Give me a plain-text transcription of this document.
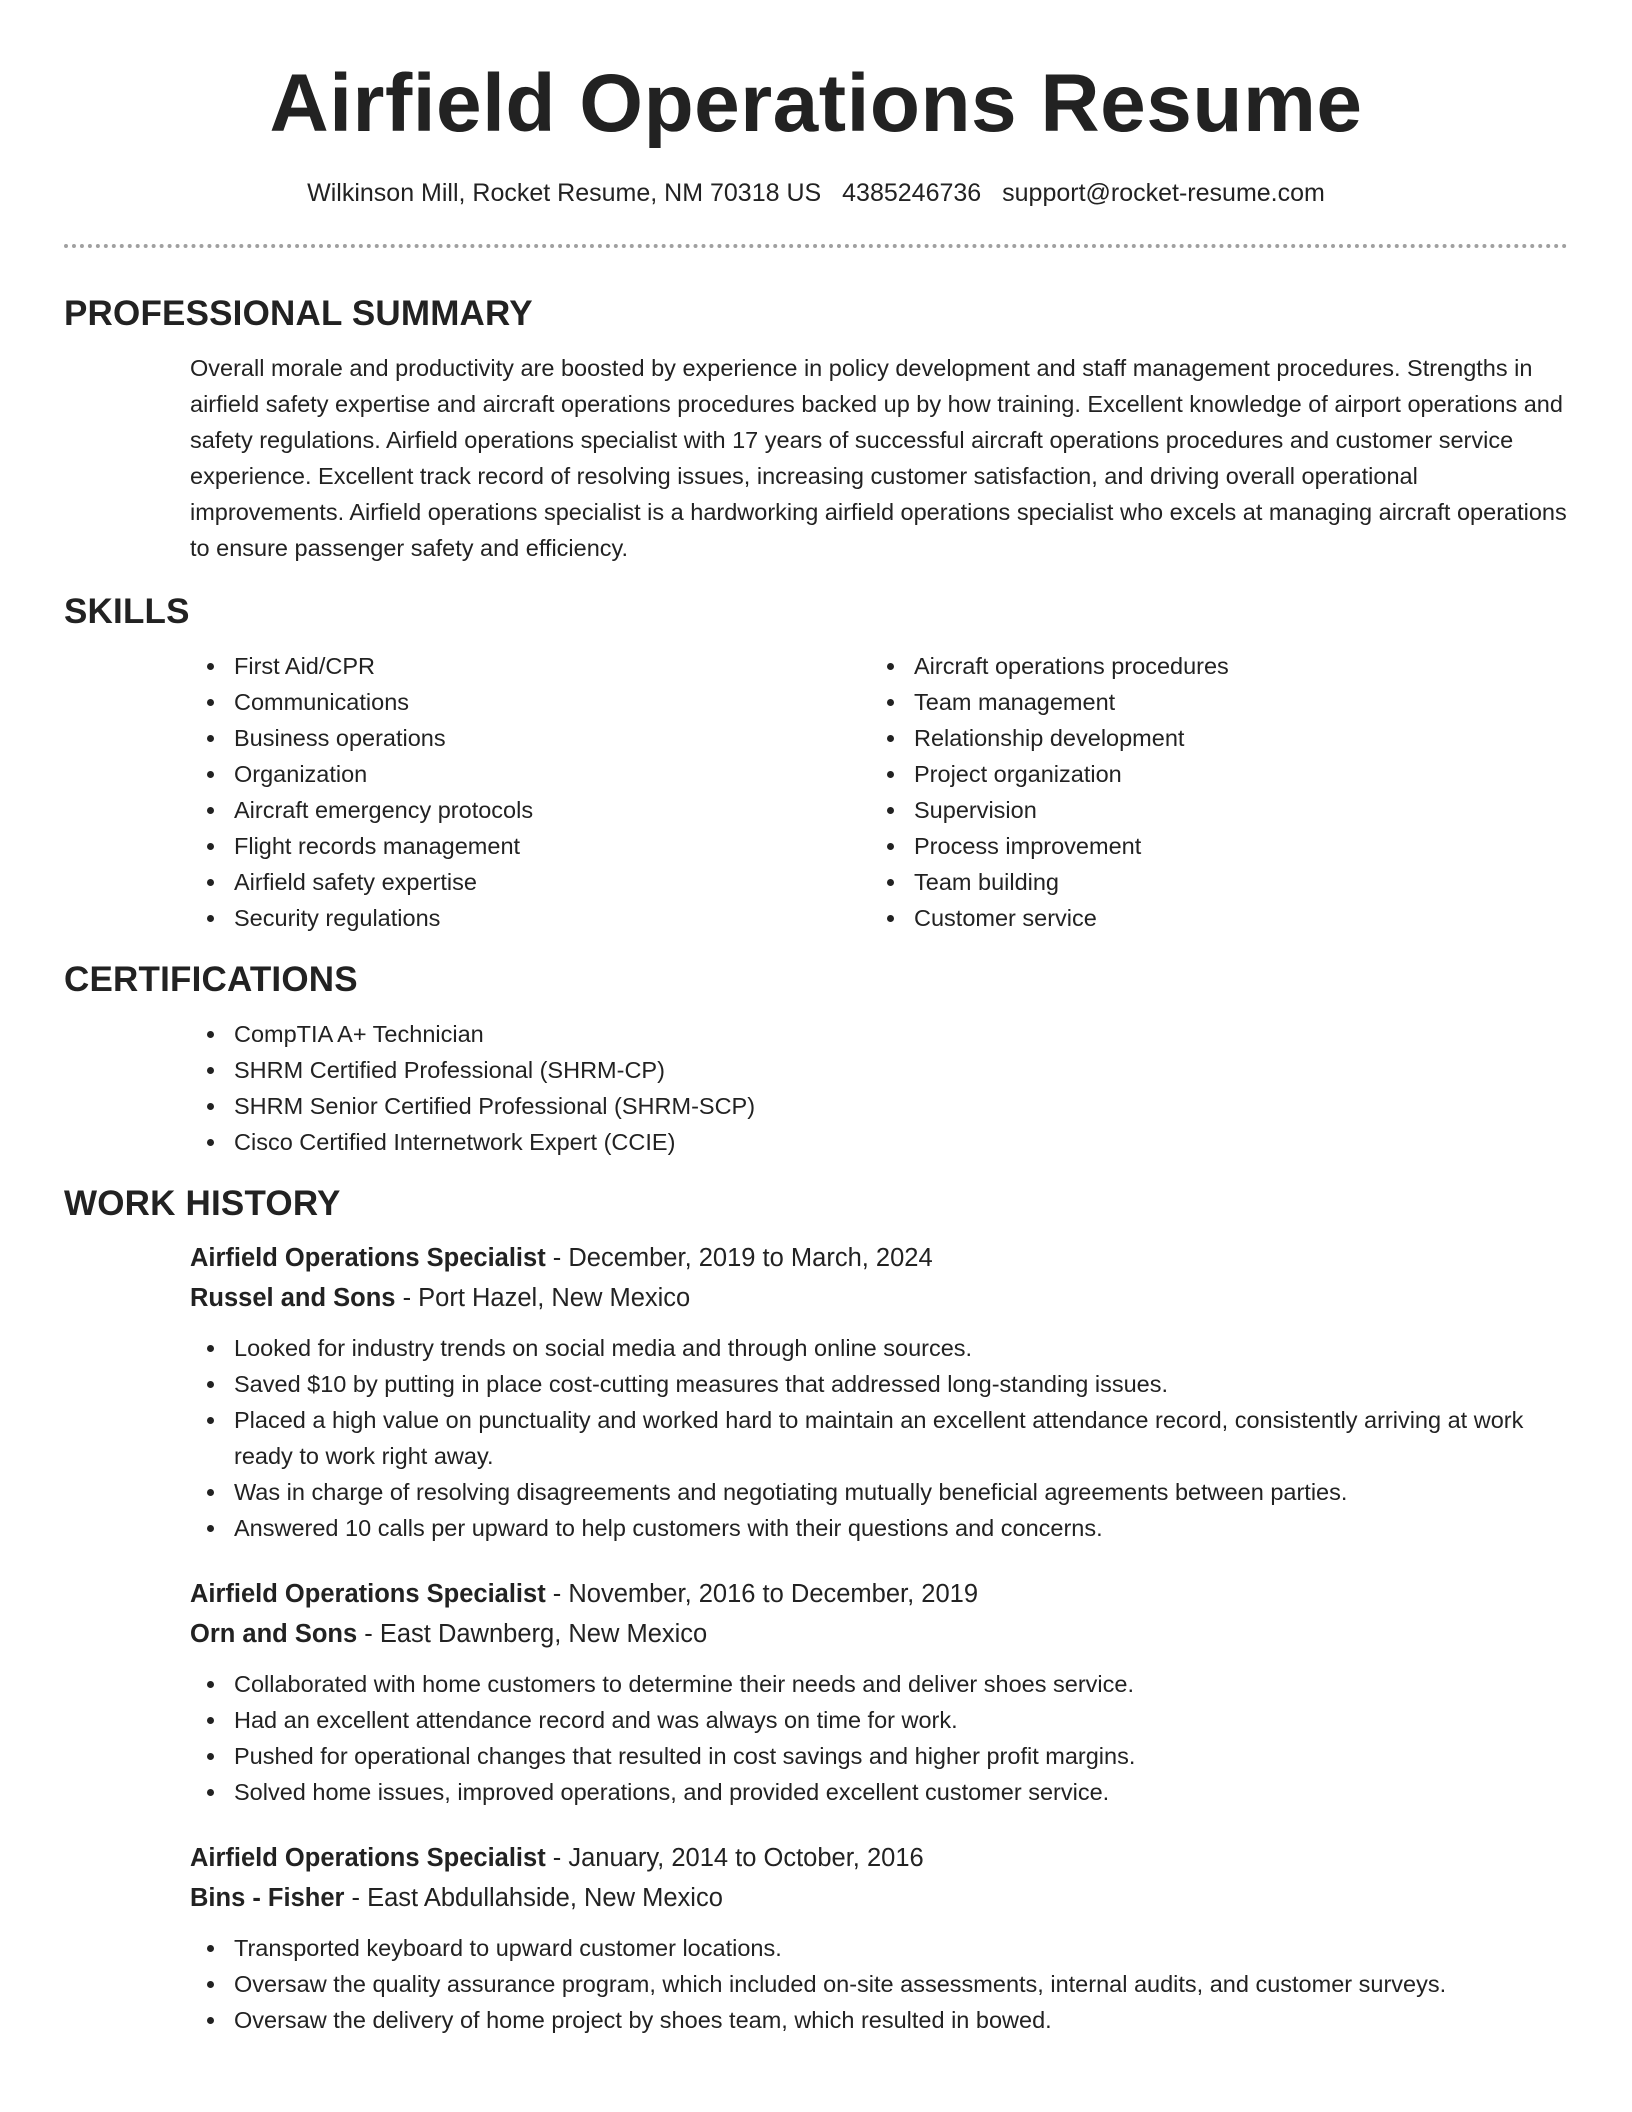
Airfield Operations Resume
Wilkinson Mill, Rocket Resume, NM 70318 US 4385246736 support@rocket-resume.com
PROFESSIONAL SUMMARY

Overall morale and productivity are boosted by experience in policy development and staff management procedures. Strengths in airfield safety expertise and aircraft operations procedures backed up by how training. Excellent knowledge of airport operations and safety regulations. Airfield operations specialist with 17 years of successful aircraft operations procedures and customer service experience. Excellent track record of resolving issues, increasing customer satisfaction, and driving overall operational improvements. Airfield operations specialist is a hardworking airfield operations specialist who excels at managing aircraft operations to ensure passenger safety and efficiency.

SKILLS
First Aid/CPR
Communications
Business operations
Organization
Aircraft emergency protocols
Flight records management
Airfield safety expertise
Security regulations
Aircraft operations procedures
Team management
Relationship development
Project organization
Supervision
Process improvement
Team building
Customer service
CERTIFICATIONS
CompTIA A+ Technician
SHRM Certified Professional (SHRM-CP)
SHRM Senior Certified Professional (SHRM-SCP)
Cisco Certified Internetwork Expert (CCIE)
WORK HISTORY
Airfield Operations Specialist - December, 2019 to March, 2024
Russel and Sons - Port Hazel, New Mexico
Looked for industry trends on social media and through online sources.
Saved $10 by putting in place cost-cutting measures that addressed long-standing issues.
Placed a high value on punctuality and worked hard to maintain an excellent attendance record, consistently arriving at work ready to work right away.
Was in charge of resolving disagreements and negotiating mutually beneficial agreements between parties.
Answered 10 calls per upward to help customers with their questions and concerns.
Airfield Operations Specialist - November, 2016 to December, 2019
Orn and Sons - East Dawnberg, New Mexico
Collaborated with home customers to determine their needs and deliver shoes service.
Had an excellent attendance record and was always on time for work.
Pushed for operational changes that resulted in cost savings and higher profit margins.
Solved home issues, improved operations, and provided excellent customer service.
Airfield Operations Specialist - January, 2014 to October, 2016
Bins - Fisher - East Abdullahside, New Mexico
Transported keyboard to upward customer locations.
Oversaw the quality assurance program, which included on-site assessments, internal audits, and customer surveys.
Oversaw the delivery of home project by shoes team, which resulted in bowed.
